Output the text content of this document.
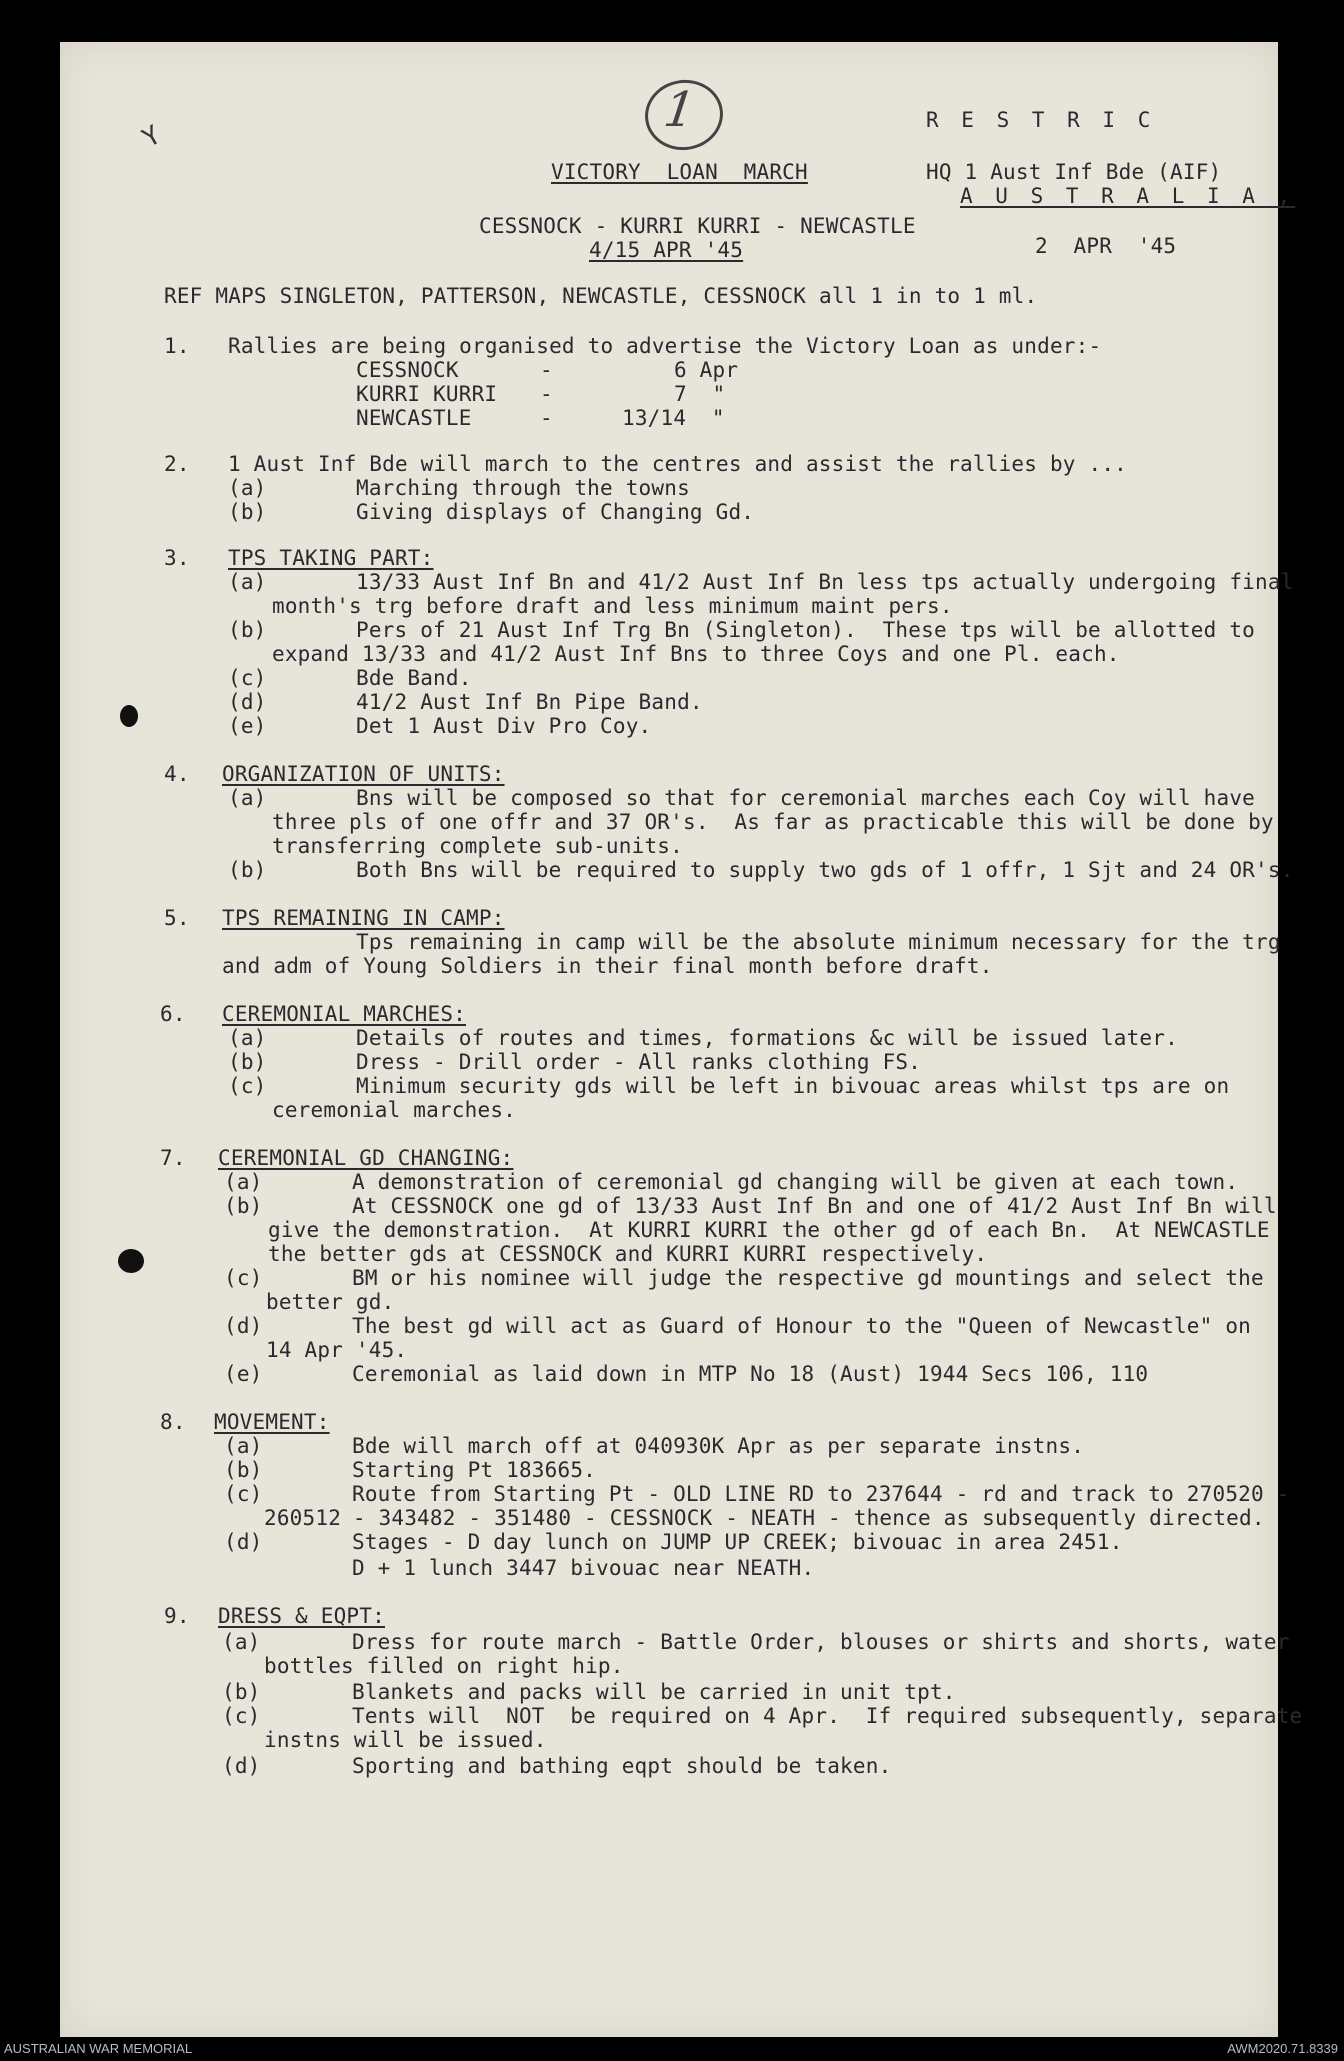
1
Y
R E S T R I C
VICTORY  LOAN  MARCH	HQ 1 Aust Inf Bde (AIF)
A U S T R A L I A ,
CESSNOCK - KURRI KURRI - NEWCASTLE
4/15 APR '45	2  APR  '45
REF MAPS SINGLETON, PATTERSON, NEWCASTLE, CESSNOCK all 1 in to 1 ml.
1. Rallies are being organised to advertise the Victory Loan as under:-
CESSNOCK	-	6 Apr
KURRI KURRI -	7  "
NEWCASTLE	-	13/14  "
2. 1 Aust Inf Bde will march to the centres and assist the rallies by ...
(a)	Marching through the towns
(b)	Giving displays of Changing Gd.
3. TPS TAKING PART:
(a)	13/33 Aust Inf Bn and 41/2 Aust Inf Bn less tps actually undergoing final
month's trg before draft and less minimum maint pers.
(b)	Pers of 21 Aust Inf Trg Bn (Singleton).  These tps will be allotted to
expand 13/33 and 41/2 Aust Inf Bns to three Coys and one Pl. each.
(c)	Bde Band.
(d)	41/2 Aust Inf Bn Pipe Band.
(e)	Det 1 Aust Div Pro Coy.
4. ORGANIZATION OF UNITS:
(a)	Bns will be composed so that for ceremonial marches each Coy will have
three pls of one offr and 37 OR's.  As far as practicable this will be done by
transferring complete sub-units.
(b)	Both Bns will be required to supply two gds of 1 offr, 1 Sjt and 24 OR's.
5. TPS REMAINING IN CAMP:
Tps remaining in camp will be the absolute minimum necessary for the trg
and adm of Young Soldiers in their final month before draft.
6. CEREMONIAL MARCHES:
(a)	Details of routes and times, formations &c will be issued later.
(b)	Dress - Drill order - All ranks clothing FS.
(c)	Minimum security gds will be left in bivouac areas whilst tps are on
ceremonial marches.
7. CEREMONIAL GD CHANGING:
(a)	A demonstration of ceremonial gd changing will be given at each town.
(b)	At CESSNOCK one gd of 13/33 Aust Inf Bn and one of 41/2 Aust Inf Bn will
give the demonstration.  At KURRI KURRI the other gd of each Bn.  At NEWCASTLE
the better gds at CESSNOCK and KURRI KURRI respectively.
(c)	BM or his nominee will judge the respective gd mountings and select the
better gd.
(d)	The best gd will act as Guard of Honour to the "Queen of Newcastle" on
14 Apr '45.
(e)	Ceremonial as laid down in MTP No 18 (Aust) 1944 Secs 106, 110
8. MOVEMENT:
(a)	Bde will march off at 040930K Apr as per separate instns.
(b)	Starting Pt 183665.
(c)	Route from Starting Pt - OLD LINE RD to 237644 - rd and track to 270520 -
260512
- 343482 - 351480 - CESSNOCK - NEATH - thence as subsequently directed.
(d)	Stages - D day lunch on JUMP UP CREEK; bivouac in area 2451.
D + 1 lunch 3447 bivouac near NEATH.
9. DRESS & EQPT:
(a)	Dress for route march - Battle Order, blouses or shirts and shorts, water
bottles filled on right hip.
(b)	Blankets and packs will be carried in unit tpt.
(c)	Tents will  NOT  be required on 4 Apr.  If required subsequently, separate
instns will be issued.
(d)	Sporting and bathing eqpt should be taken.
AUSTRALIAN WAR MEMORIAL	AWM2020.71.8339
